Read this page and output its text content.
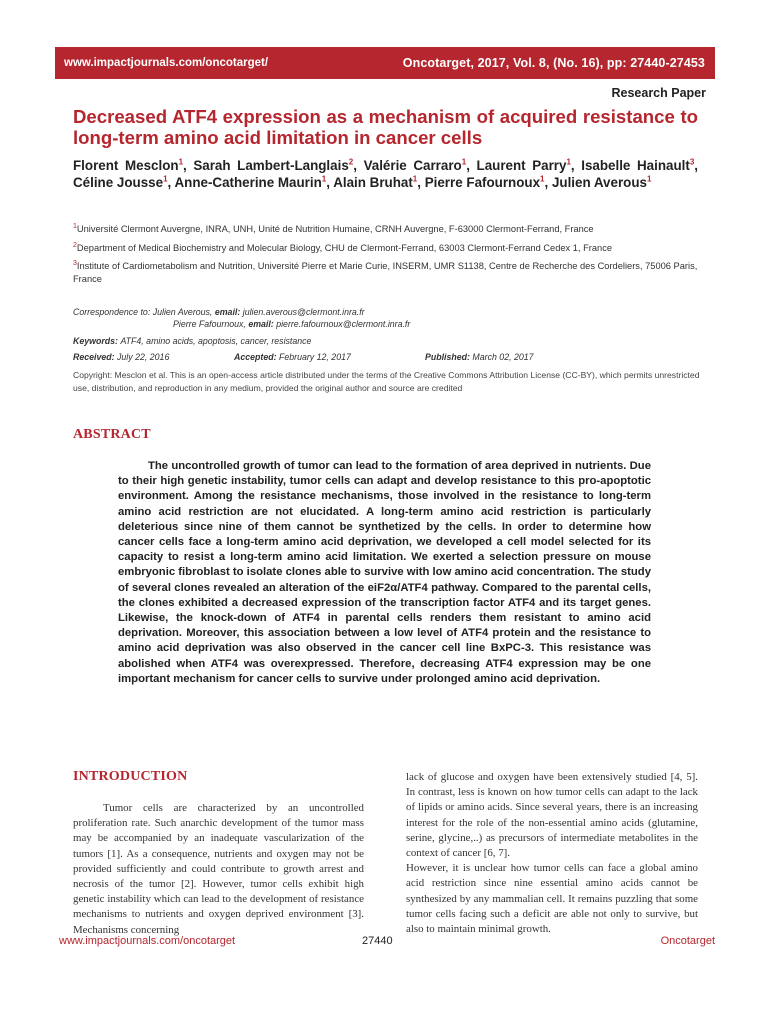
www.impactjournals.com/oncotarget/	Oncotarget, 2017, Vol. 8, (No. 16), pp: 27440-27453
Research Paper
Decreased ATF4 expression as a mechanism of acquired resistance to long-term amino acid limitation in cancer cells
Florent Mesclon$^1$, Sarah Lambert-Langlais$^2$, Valérie Carraro$^1$, Laurent Parry$^1$, Isabelle Hainault$^3$, Céline Jousse$^1$, Anne-Catherine Maurin$^1$, Alain Bruhat$^1$, Pierre Fafournoux$^1$, Julien Averous$^1$
$^1$Université Clermont Auvergne, INRA, UNH, Unité de Nutrition Humaine, CRNH Auvergne, F-63000 Clermont-Ferrand, France
$^2$Department of Medical Biochemistry and Molecular Biology, CHU de Clermont-Ferrand, 63003 Clermont-Ferrand Cedex 1, France
$^3$Institute of Cardiometabolism and Nutrition, Université Pierre et Marie Curie, INSERM, UMR S1138, Centre de Recherche des Cordeliers, 75006 Paris, France
Correspondence to: Julien Averous, email: julien.averous@clermont.inra.fr
Pierre Fafournoux, email: pierre.fafournoux@clermont.inra.fr
Keywords: ATF4, amino acids, apoptosis, cancer, resistance
Received: July 22, 2016	Accepted: February 12, 2017	Published: March 02, 2017
Copyright: Mesclon et al. This is an open-access article distributed under the terms of the Creative Commons Attribution License (CC-BY), which permits unrestricted use, distribution, and reproduction in any medium, provided the original author and source are credited
ABSTRACT

The uncontrolled growth of tumor can lead to the formation of area deprived in nutrients. Due to their high genetic instability, tumor cells can adapt and develop resistance to this pro-apoptotic environment. Among the resistance mechanisms, those involved in the resistance to long-term amino acid restriction are not elucidated. A long-term amino acid restriction is particularly deleterious since nine of them cannot be synthetized by the cells. In order to determine how cancer cells face a long-term amino acid deprivation, we developed a cell model selected for its capacity to resist a long-term amino acid limitation. We exerted a selection pressure on mouse embryonic fibroblast to isolate clones able to survive with low amino acid concentration. The study of several clones revealed an alteration of the eiF2α/ATF4 pathway. Compared to the parental cells, the clones exhibited a decreased expression of the transcription factor ATF4 and its target genes. Likewise, the knock-down of ATF4 in parental cells renders them resistant to amino acid deprivation. Moreover, this association between a low level of ATF4 protein and the resistance to amino acid deprivation was also observed in the cancer cell line BxPC-3. This resistance was abolished when ATF4 was overexpressed. Therefore, decreasing ATF4 expression may be one important mechanism for cancer cells to survive under prolonged amino acid deprivation.

INTRODUCTION

Tumor cells are characterized by an uncontrolled proliferation rate. Such anarchic development of the tumor mass may be accompanied by an inadequate vascularization of the tumors [1]. As a consequence, nutrients and oxygen may not be provided sufficiently and could contribute to growth arrest and necrosis of the tumor [2]. However, tumor cells exhibit high genetic instability which can lead to the development of resistance mechanisms to nutrients and oxygen deprived environment [3]. Mechanisms concerning

lack of glucose and oxygen have been extensively studied [4, 5]. In contrast, less is known on how tumor cells can adapt to the lack of lipids or amino acids. Since several years, there is an increasing interest for the role of the non-essential amino acids (glutamine, serine, glycine,..) as precursors of intermediate metabolites in the context of cancer [6, 7].

However, it is unclear how tumor cells can face a global amino acid restriction since nine essential amino acids cannot be synthesized by any mammalian cell. It remains puzzling that some tumor cells facing such a deficit are able not only to survive, but also to maintain minimal growth.

www.impactjournals.com/oncotarget	27440	Oncotarget
